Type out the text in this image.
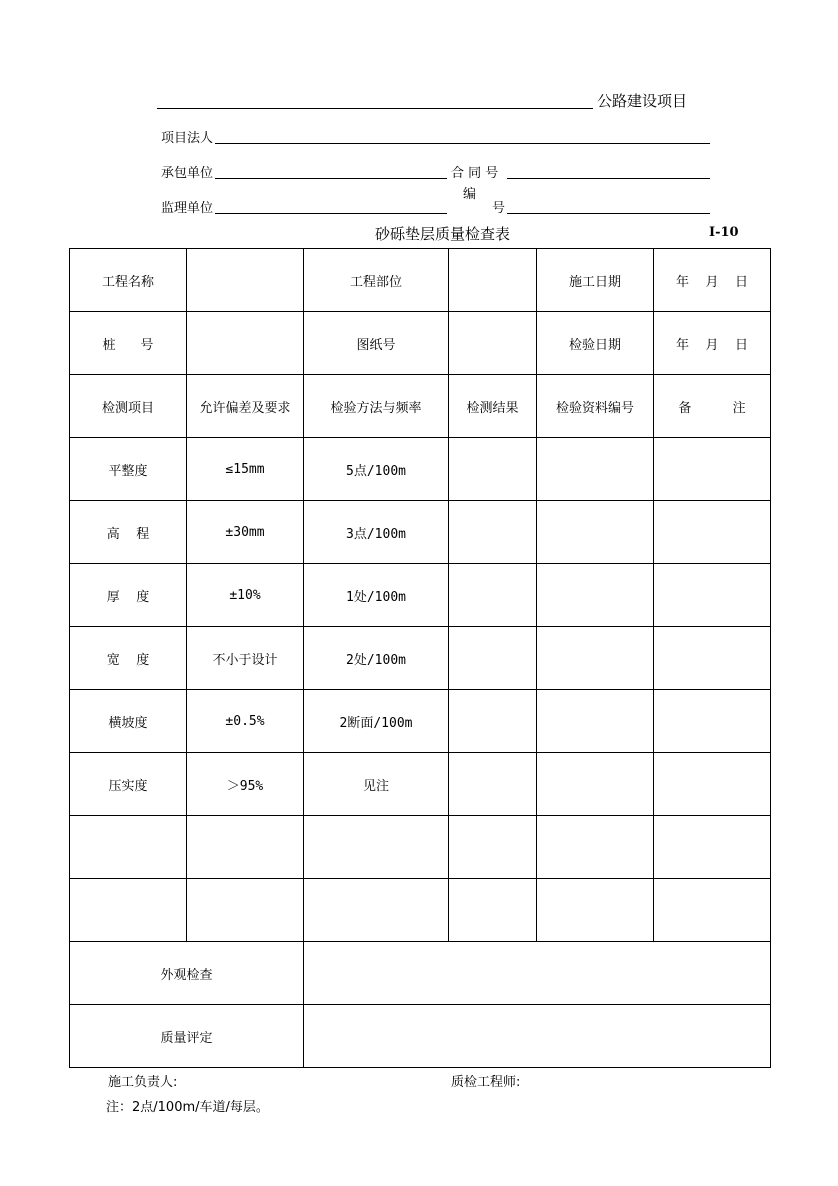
公路建设项目
项目法人
承包单位	合 同 号
监理单位
编
号
砂砾垫层质量检查表	I-10
工程名称		工程部位		施工日期	年    月    日
桩      号		图纸号		检验日期	年    月    日
检测项目	允许偏差及要求	检验方法与频率	检测结果	检验资料编号	备          注
平整度	≤15mm	5点/100m			
高    程	±30mm	3点/100m			
厚    度	±10%	1处/100m			
宽    度	不小于设计	2处/100m			
横坡度	±0.5%	2断面/100m			
压实度	＞95%	见注			

外观检查					
质量评定					
施工负责人:	质检工程师:
注：2点/100m/车道/每层。
